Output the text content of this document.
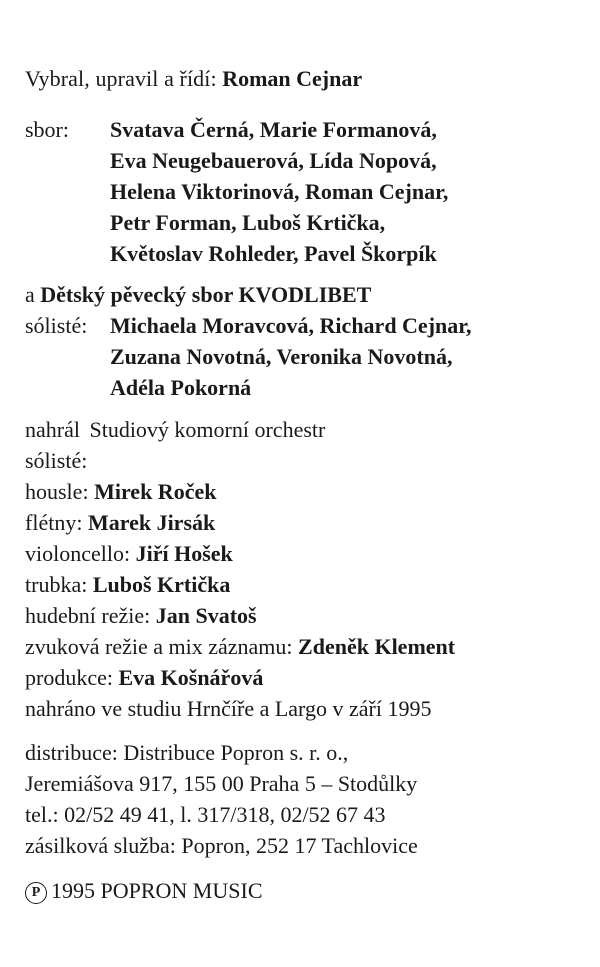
Vybral, upravil a řídí: Roman Cejnar
sbor: Svatava Černá, Marie Formanová,
Eva Neugebauerová, Lída Nopová,
Helena Viktorinová, Roman Cejnar,
Petr Forman, Luboš Krtička,
Květoslav Rohleder, Pavel Škorpík
a Dětský pěvecký sbor KVODLIBET
sólisté: Michaela Moravcová, Richard Cejnar,
Zuzana Novotná, Veronika Novotná,
Adéla Pokorná
nahrál Studiový komorní orchestr
sólisté:
housle: Mirek Roček
flétny: Marek Jirsák
violoncello: Jiří Hošek
trubka: Luboš Krtička
hudební režie: Jan Svatoš
zvuková režie a mix záznamu: Zdeněk Klement
produkce: Eva Košnářová
nahráno ve studiu Hrnčíře a Largo v září 1995
distribuce: Distribuce Popron s. r. o.,
Jeremiášova 917, 155 00 Praha 5 – Stodůlky
tel.: 02/52 49 41, l. 317/318, 02/52 67 43
zásilková služba: Popron, 252 17 Tachlovice
P 1995 POPRON MUSIC
